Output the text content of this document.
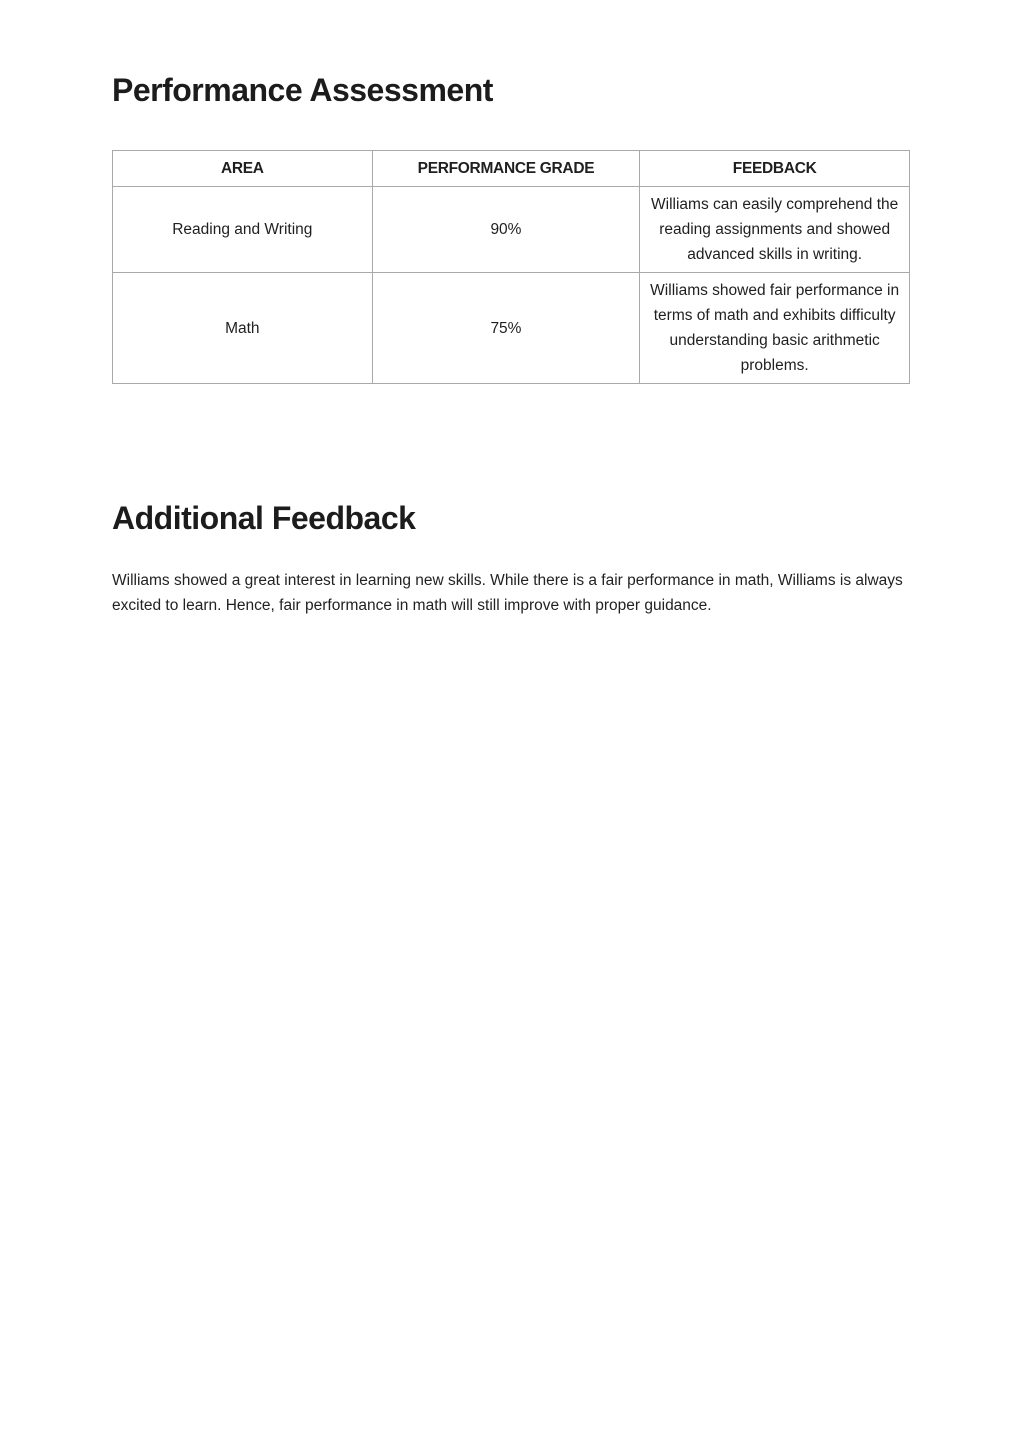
Performance Assessment
AREA	PERFORMANCE GRADE	FEEDBACK
Reading and Writing	90%	Williams can easily comprehend the reading assignments and showed advanced skills in writing.
Math	75%	Williams showed fair performance in terms of math and exhibits difficulty understanding basic arithmetic problems.
Additional Feedback

Williams showed a great interest in learning new skills. While there is a fair performance in math, Williams is always excited to learn. Hence, fair performance in math will still improve with proper guidance.
